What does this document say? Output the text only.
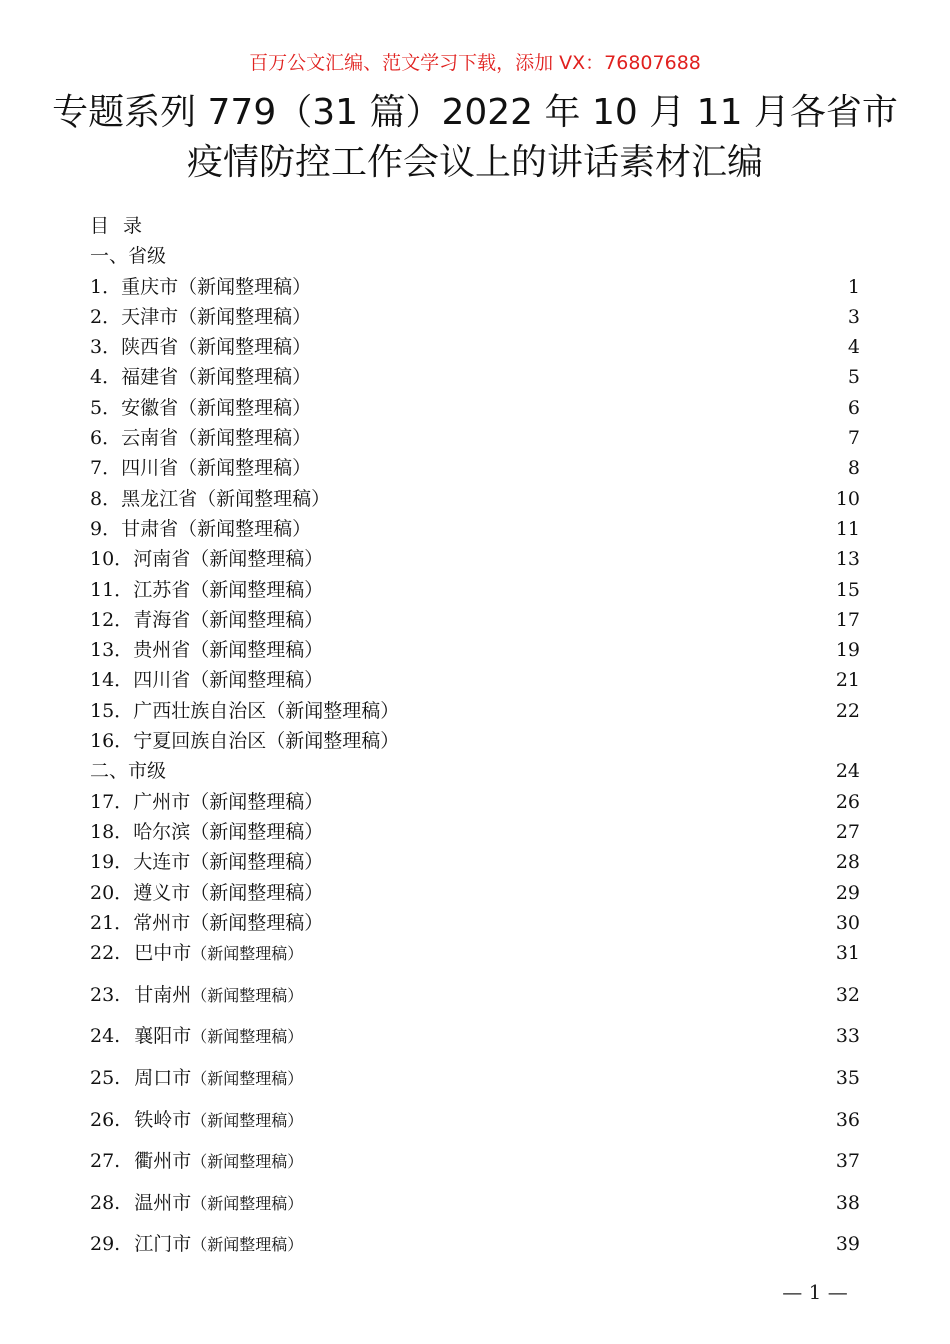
百万公文汇编、范文学习下载，添加 VX：76807688
专题系列 779（31 篇）2022 年 10 月 11 月各省市
疫情防控工作会议上的讲话素材汇编
目录
一、省级
1．重庆市（新闻整理稿）	1
2．天津市（新闻整理稿）	3
3．陕西省（新闻整理稿）	4
4．福建省（新闻整理稿）	5
5．安徽省（新闻整理稿）	6
6．云南省（新闻整理稿）	7
7．四川省（新闻整理稿）	8
8．黑龙江省（新闻整理稿）	10
9．甘肃省（新闻整理稿）	11
10．河南省（新闻整理稿）	13
11．江苏省（新闻整理稿）	15
12．青海省（新闻整理稿）	17
13．贵州省（新闻整理稿）	19
14．四川省（新闻整理稿）	21
15．广西壮族自治区（新闻整理稿）	22
16．宁夏回族自治区（新闻整理稿）
二、市级	24
17．广州市（新闻整理稿）	26
18．哈尔滨（新闻整理稿）	27
19．大连市（新闻整理稿）	28
20．遵义市（新闻整理稿）	29
21．常州市（新闻整理稿）	30
22. 巴中市（新闻整理稿）	31
23. 甘南州（新闻整理稿）	32
24. 襄阳市（新闻整理稿）	33
25. 周口市（新闻整理稿）	35
26. 铁岭市（新闻整理稿）	36
27. 衢州市（新闻整理稿）	37
28. 温州市（新闻整理稿）	38
29. 江门市（新闻整理稿）	39
— 1 —
